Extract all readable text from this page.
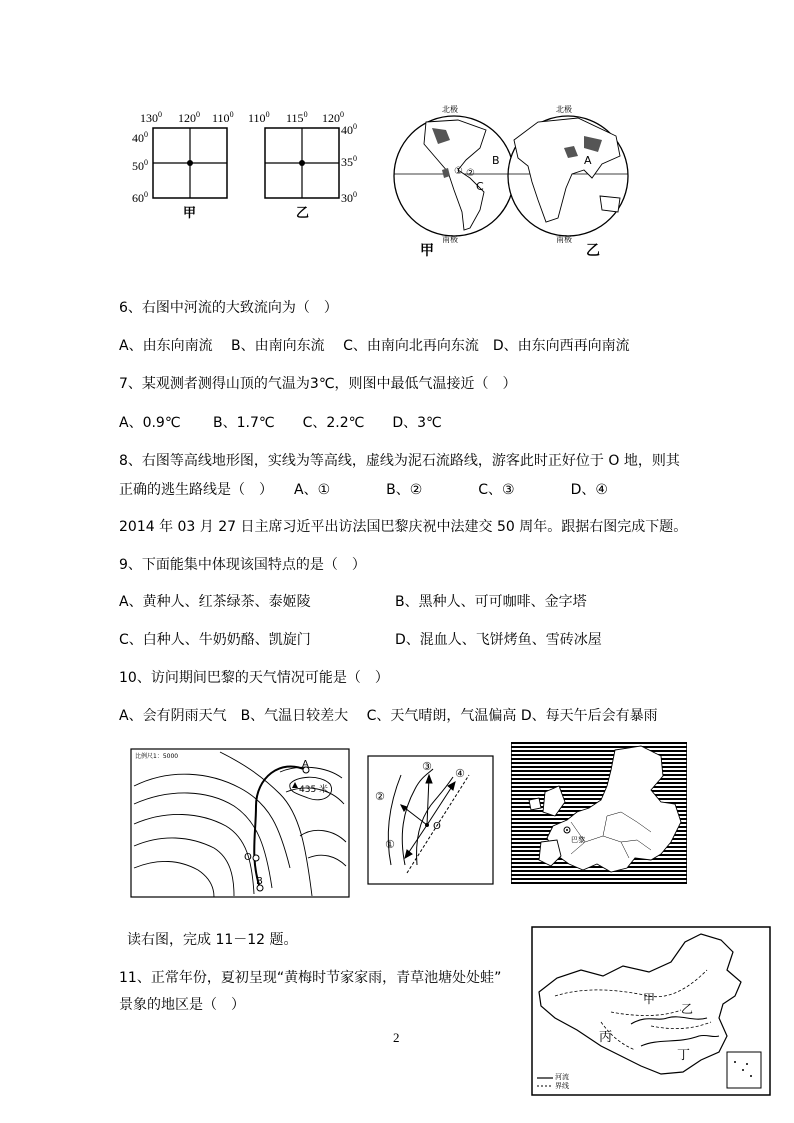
$130^0$ $120^0$ $110^0$
$40^0$
$50^0$
$60^0$
甲
$110^0$ $115^0$ $120^0$
$40^0$
$35^0$
$30^0$
乙
北极
南极
北极
南极
B
① ②
C
A
甲	乙
6、右图中河流的大致流向为（　）
A、由东向南流　 B、由南向东流　 C、由南向北再向东流　D、由东向西再向南流
7、某观测者测得山顶的气温为3℃，则图中最低气温接近（　）
A、0.9℃　　 B、1.7℃　　C、2.2℃　　D、3℃
8、右图等高线地形图，实线为等高线，虚线为泥石流路线，游客此时正好位于 O 地，则其
正确的逃生路线是（　）　　A、①　　　　B、②　　　　C、③　　　　D、④
2014 年 03 月 27 日主席习近平出访法国巴黎庆祝中法建交 50 周年。跟据右图完成下题。
9、下面能集中体现该国特点的是（　）
A、黄种人、红茶绿茶、泰姬陵	B、黑种人、可可咖啡、金字塔
C、白种人、牛奶奶酪、凯旋门	D、混血人、飞饼烤鱼、雪砖冰屋
10、访问期间巴黎的天气情况可能是（　）
A、会有阴雨天气　B、气温日较差大　 C、天气晴朗，气温偏高 D、每天午后会有暴雨
比例尺1：5000
435 米
A
O
B
①
②
③
④
O
巴黎
读右图，完成 11－12 题。
11、正常年份，夏初呈现“黄梅时节家家雨，青草池塘处处蛙”
景象的地区是（　）	甲
乙
丙
丁
河流
界线
2
